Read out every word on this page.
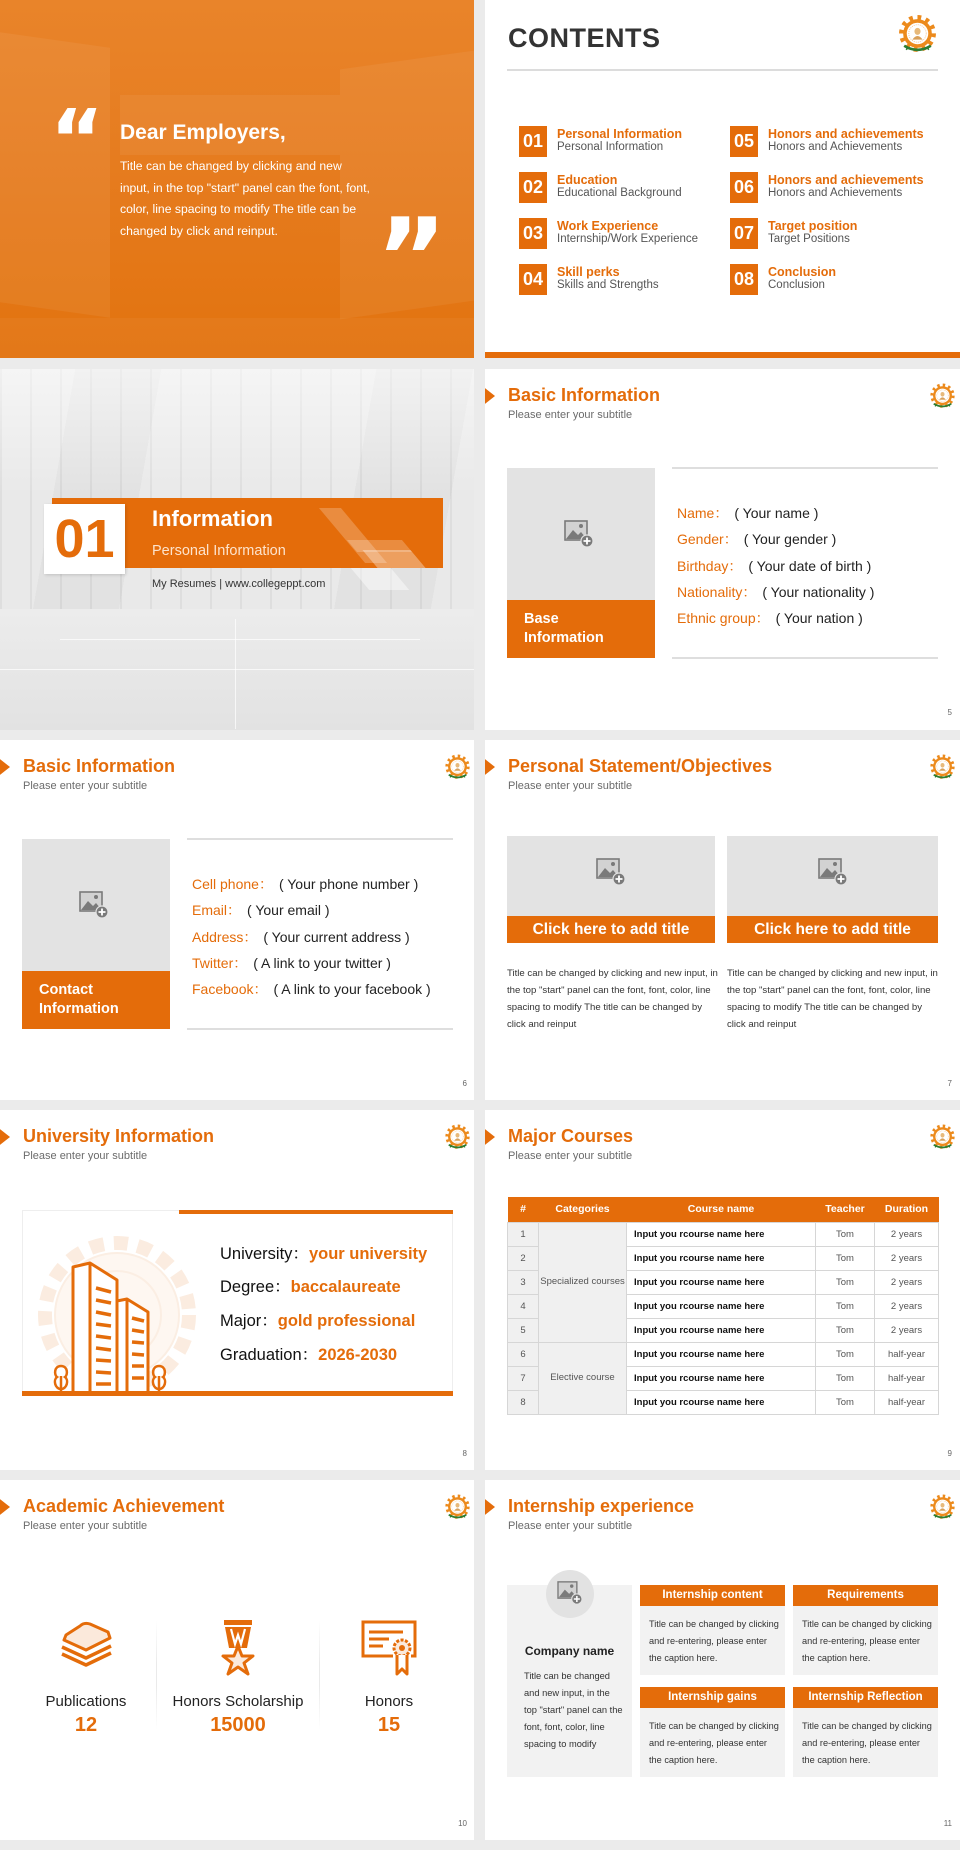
“ Dear Employers,
Title can be changed by clicking and new input, in the top "start" panel can the font, font, color, line spacing to modify The title can be changed by click and reinput. ”
CONTENTS
01	Personal Information
Personal Information
02	Education
Educational Background
03	Work Experience
Internship/Work Experience
04	Skill perks
Skills and Strengths
05	Honors and achievements
Honors and Achievements
06	Honors and achievements
Honors and Achievements
07	Target position
Target Positions
08	Conclusion
Conclusion
01	Information
Personal Information
My Resumes | www.collegeppt.com
Basic Information
Please enter your subtitle
Base Information
Name： ( Your name )
Gender： ( Your gender )
Birthday： ( Your date of birth )
Nationality： ( Your nationality )
Ethnic group： ( Your nation )
5
Basic Information
Please enter your subtitle
Contact Information
Cell phone： ( Your phone number )
Email： ( Your email )
Address： ( Your current address )
Twitter： ( A link to your twitter )
Facebook： ( A link to your facebook )
6
Personal Statement/Objectives
Please enter your subtitle
Click here to add title
Title can be changed by clicking and new input, in the top "start" panel can the font, font, color, line spacing to modify The title can be changed by click and reinput
Click here to add title
Title can be changed by clicking and new input, in the top "start" panel can the font, font, color, line spacing to modify The title can be changed by click and reinput
7
University Information
Please enter your subtitle
University：your university
Degree：baccalaureate
Major：gold professional
Graduation：2026-2030
8
Major Courses
Please enter your subtitle
#	Categories	Course name	Teacher	Duration
1	Specialized courses	Input you rcourse name here	Tom	2 years
2		Input you rcourse name here	Tom	2 years
3		Input you rcourse name here	Tom	2 years
4		Input you rcourse name here	Tom	2 years
5		Input you rcourse name here	Tom	2 years
6	Elective course	Input you rcourse name here	Tom	half-year
7		Input you rcourse name here	Tom	half-year
8		Input you rcourse name here	Tom	half-year
9
Academic Achievement
Please enter your subtitle
Publications
12
Honors Scholarship
15000
Honors
15
10
Internship experience
Please enter your subtitle
Company name
Title can be changed and new input, in the top "start" panel can the font, font, color, line spacing to modify
Internship content
Title can be changed by clicking and re-entering, please enter the caption here.
Requirements
Title can be changed by clicking and re-entering, please enter the caption here.
Internship gains
Title can be changed by clicking and re-entering, please enter the caption here.
Internship Reflection
Title can be changed by clicking and re-entering, please enter the caption here.
11
